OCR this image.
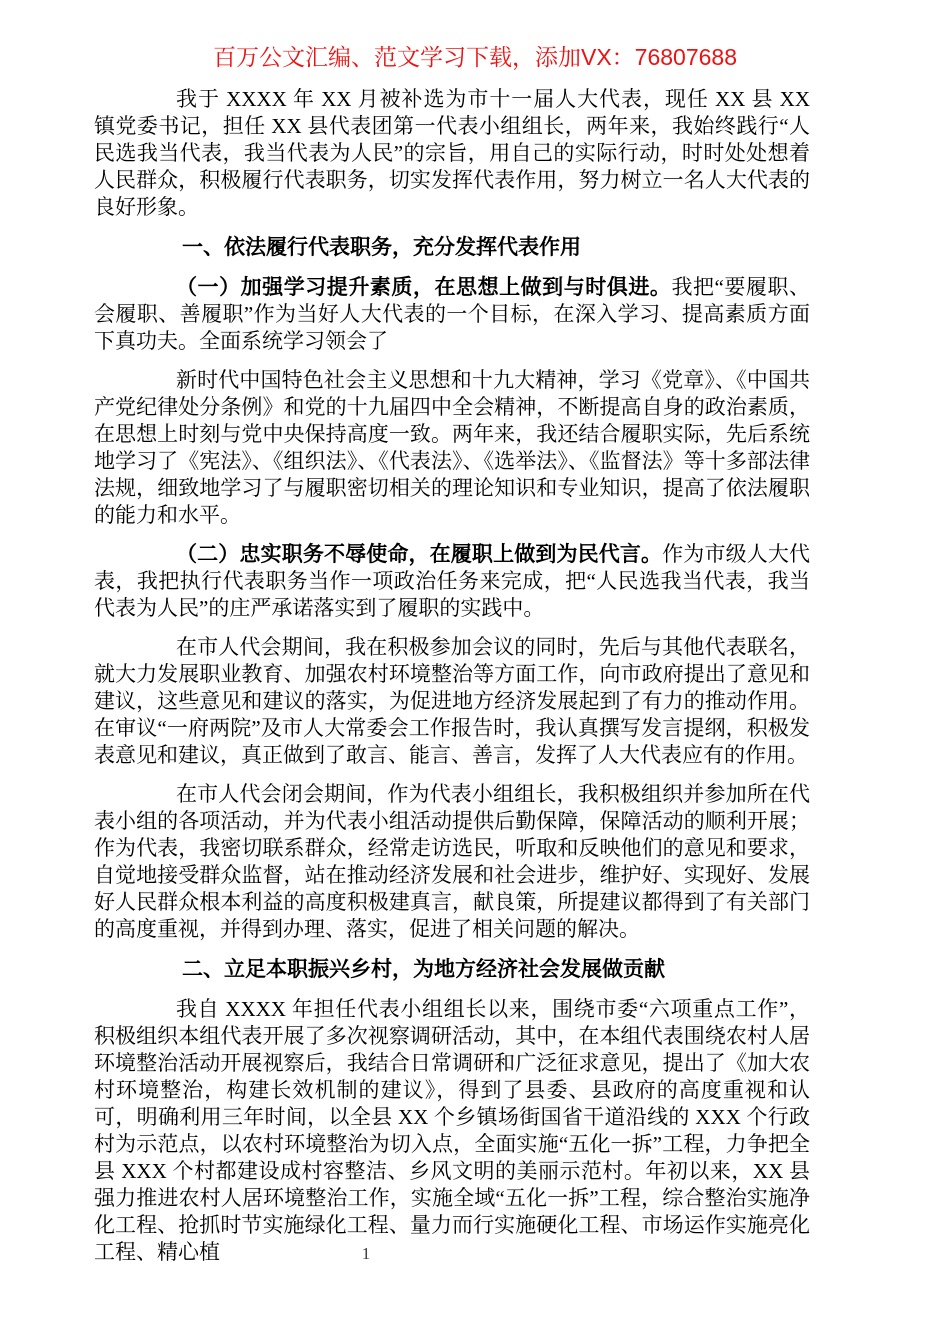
百万公文汇编、范文学习下载，添加VX：76807688

我于 XXXX 年 XX 月被补选为市十一届人大代表，现任 XX 县 XX 镇党委书记，担任 XX 县代表团第一代表小组组长，两年来，我始终践行“人民选我当代表，我当代表为人民”的宗旨，用自己的实际行动，时时处处想着人民群众，积极履行代表职务，切实发挥代表作用，努力树立一名人大代表的良好形象。

一、依法履行代表职务，充分发挥代表作用

（一）加强学习提升素质，在思想上做到与时俱进。我把“要履职、会履职、善履职”作为当好人大代表的一个目标，在深入学习、提高素质方面下真功夫。全面系统学习领会了

新时代中国特色社会主义思想和十九大精神，学习《党章》、《中国共产党纪律处分条例》和党的十九届四中全会精神，不断提高自身的政治素质，在思想上时刻与党中央保持高度一致。两年来，我还结合履职实际，先后系统地学习了《宪法》、《组织法》、《代表法》、《选举法》、《监督法》等十多部法律法规，细致地学习了与履职密切相关的理论知识和专业知识，提高了依法履职的能力和水平。

（二）忠实职务不辱使命，在履职上做到为民代言。作为市级人大代表，我把执行代表职务当作一项政治任务来完成，把“人民选我当代表，我当代表为人民”的庄严承诺落实到了履职的实践中。

在市人代会期间，我在积极参加会议的同时，先后与其他代表联名，就大力发展职业教育、加强农村环境整治等方面工作，向市政府提出了意见和建议，这些意见和建议的落实，为促进地方经济发展起到了有力的推动作用。在审议“一府两院”及市人大常委会工作报告时，我认真撰写发言提纲，积极发表意见和建议，真正做到了敢言、能言、善言，发挥了人大代表应有的作用。

在市人代会闭会期间，作为代表小组组长，我积极组织并参加所在代表小组的各项活动，并为代表小组活动提供后勤保障，保障活动的顺利开展；作为代表，我密切联系群众，经常走访选民，听取和反映他们的意见和要求，自觉地接受群众监督，站在推动经济发展和社会进步，维护好、实现好、发展好人民群众根本利益的高度积极建真言，献良策，所提建议都得到了有关部门的高度重视，并得到办理、落实，促进了相关问题的解决。

二、立足本职振兴乡村，为地方经济社会发展做贡献

我自 XXXX 年担任代表小组组长以来，围绕市委“六项重点工作”，积极组织本组代表开展了多次视察调研活动，其中，在本组代表围绕农村人居环境整治活动开展视察后，我结合日常调研和广泛征求意见，提出了《加大农村环境整治，构建长效机制的建议》，得到了县委、县政府的高度重视和认可，明确利用三年时间，以全县 XX 个乡镇场街国省干道沿线的 XXX 个行政村为示范点，以农村环境整治为切入点，全面实施“五化一拆”工程，力争把全县 XXX 个村都建设成村容整洁、乡风文明的美丽示范村。年初以来，XX 县强力推进农村人居环境整治工作，实施全域“五化一拆”工程，综合整治实施净化工程、抢抓时节实施绿化工程、量力而行实施硬化工程、市场运作实施亮化工程、精心植	1
